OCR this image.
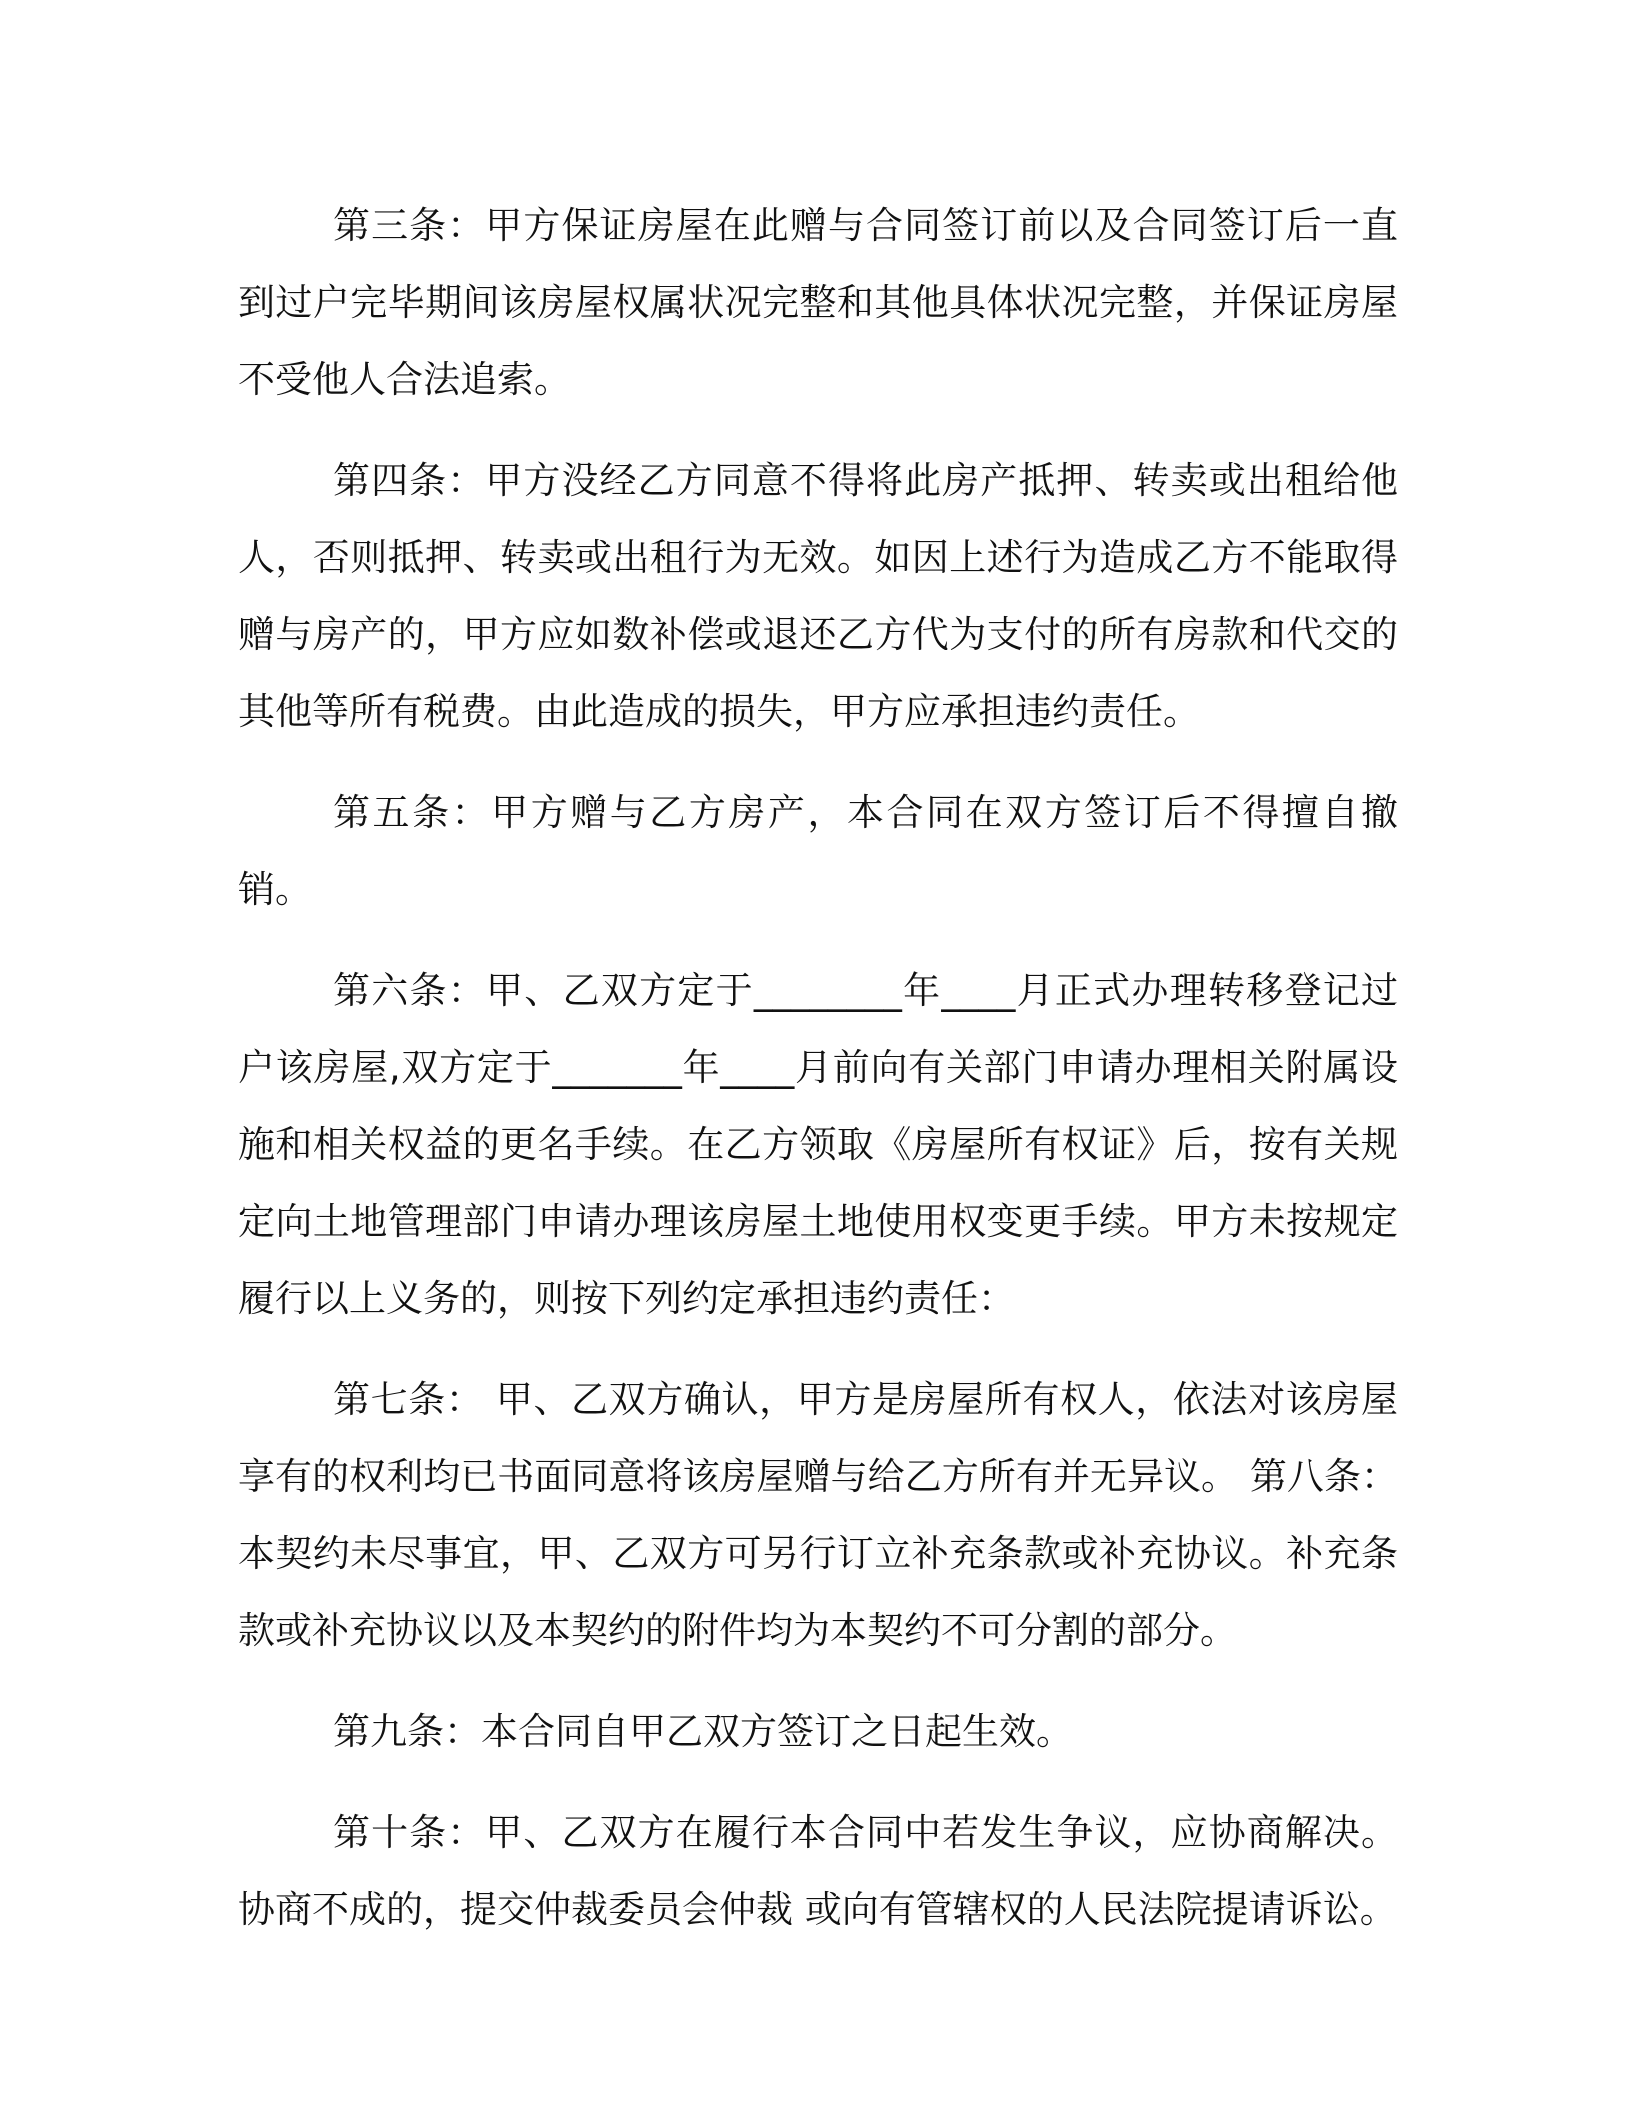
第三条：甲方保证房屋在此赠与合同签订前以及合同签订后一直到过户完毕期间该房屋权属状况完整和其他具体状况完整，并保证房屋不受他人合法追索。

第四条：甲方没经乙方同意不得将此房产抵押、转卖或出租给他人，否则抵押、转卖或出租行为无效。如因上述行为造成乙方不能取得赠与房产的，甲方应如数补偿或退还乙方代为支付的所有房款和代交的其他等所有税费。由此造成的损失，甲方应承担违约责任。

第五条：甲方赠与乙方房产，本合同在双方签订后不得擅自撤销。

第六条：甲、乙双方定于________年____月正式办理转移登记过户该房屋,双方定于_______年____月前向有关部门申请办理相关附属设施和相关权益的更名手续。在乙方领取《房屋所有权证》后，按有关规定向土地管理部门申请办理该房屋土地使用权变更手续。甲方未按规定履行以上义务的，则按下列约定承担违约责任：

第七条： 甲、乙双方确认，甲方是房屋所有权人，依法对该房屋享有的权利均已书面同意将该房屋赠与给乙方所有并无异议。 第八条：本契约未尽事宜，甲、乙双方可另行订立补充条款或补充协议。补充条款或补充协议以及本契约的附件均为本契约不可分割的部分。

第九条：本合同自甲乙双方签订之日起生效。

第十条：甲、乙双方在履行本合同中若发生争议，应协商解决。协商不成的，提交仲裁委员会仲裁 或向有管辖权的人民法院提请诉讼。
